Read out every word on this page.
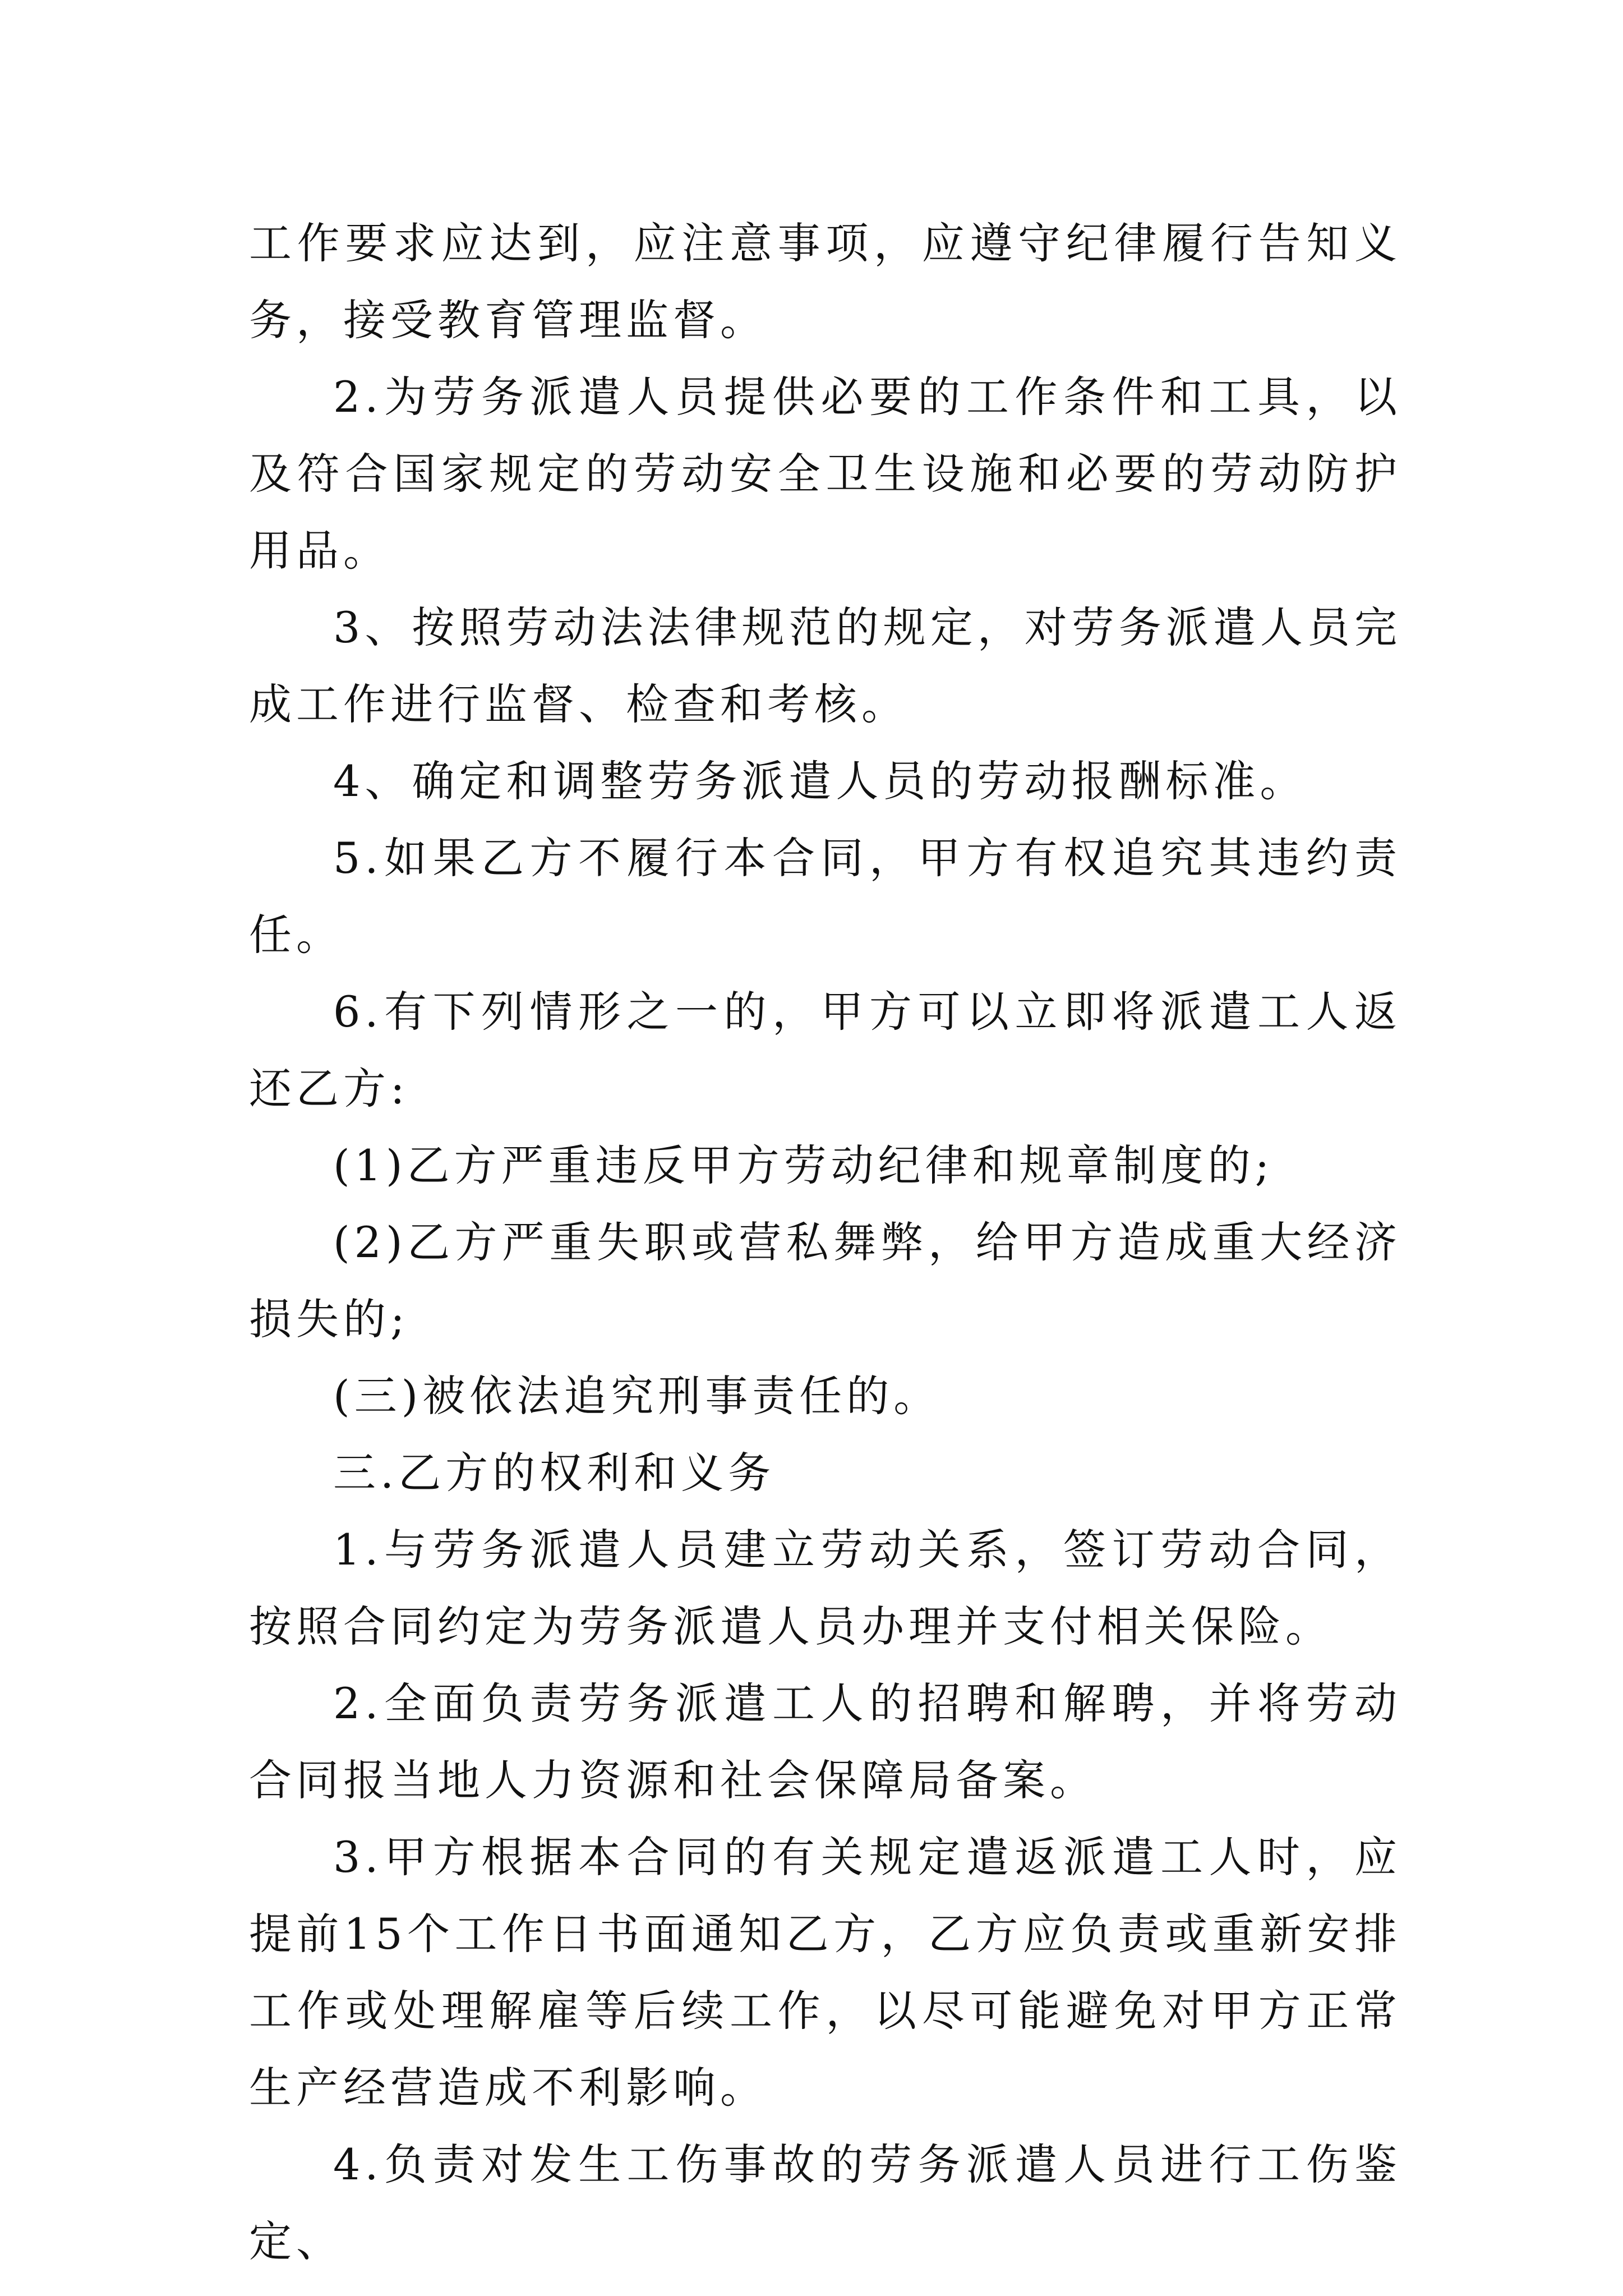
工作要求应达到，应注意事项，应遵守纪律履行告知义务，接受教育管理监督。

2.为劳务派遣人员提供必要的工作条件和工具，以及符合国家规定的劳动安全卫生设施和必要的劳动防护用品。

3、按照劳动法法律规范的规定，对劳务派遣人员完成工作进行监督、检查和考核。

4、确定和调整劳务派遣人员的劳动报酬标准。

5.如果乙方不履行本合同，甲方有权追究其违约责任。

6.有下列情形之一的，甲方可以立即将派遣工人返还乙方:

(1)乙方严重违反甲方劳动纪律和规章制度的;

(2)乙方严重失职或营私舞弊，给甲方造成重大经济损失的;

(三)被依法追究刑事责任的。

三.乙方的权利和义务

1.与劳务派遣人员建立劳动关系，签订劳动合同，按照合同约定为劳务派遣人员办理并支付相关保险。

2.全面负责劳务派遣工人的招聘和解聘，并将劳动合同报当地人力资源和社会保障局备案。

3.甲方根据本合同的有关规定遣返派遣工人时，应提前15个工作日书面通知乙方，乙方应负责或重新安排工作或处理解雇等后续工作，以尽可能避免对甲方正常生产经营造成不利影响。

4.负责对发生工伤事故的劳务派遣人员进行工伤鉴定、
